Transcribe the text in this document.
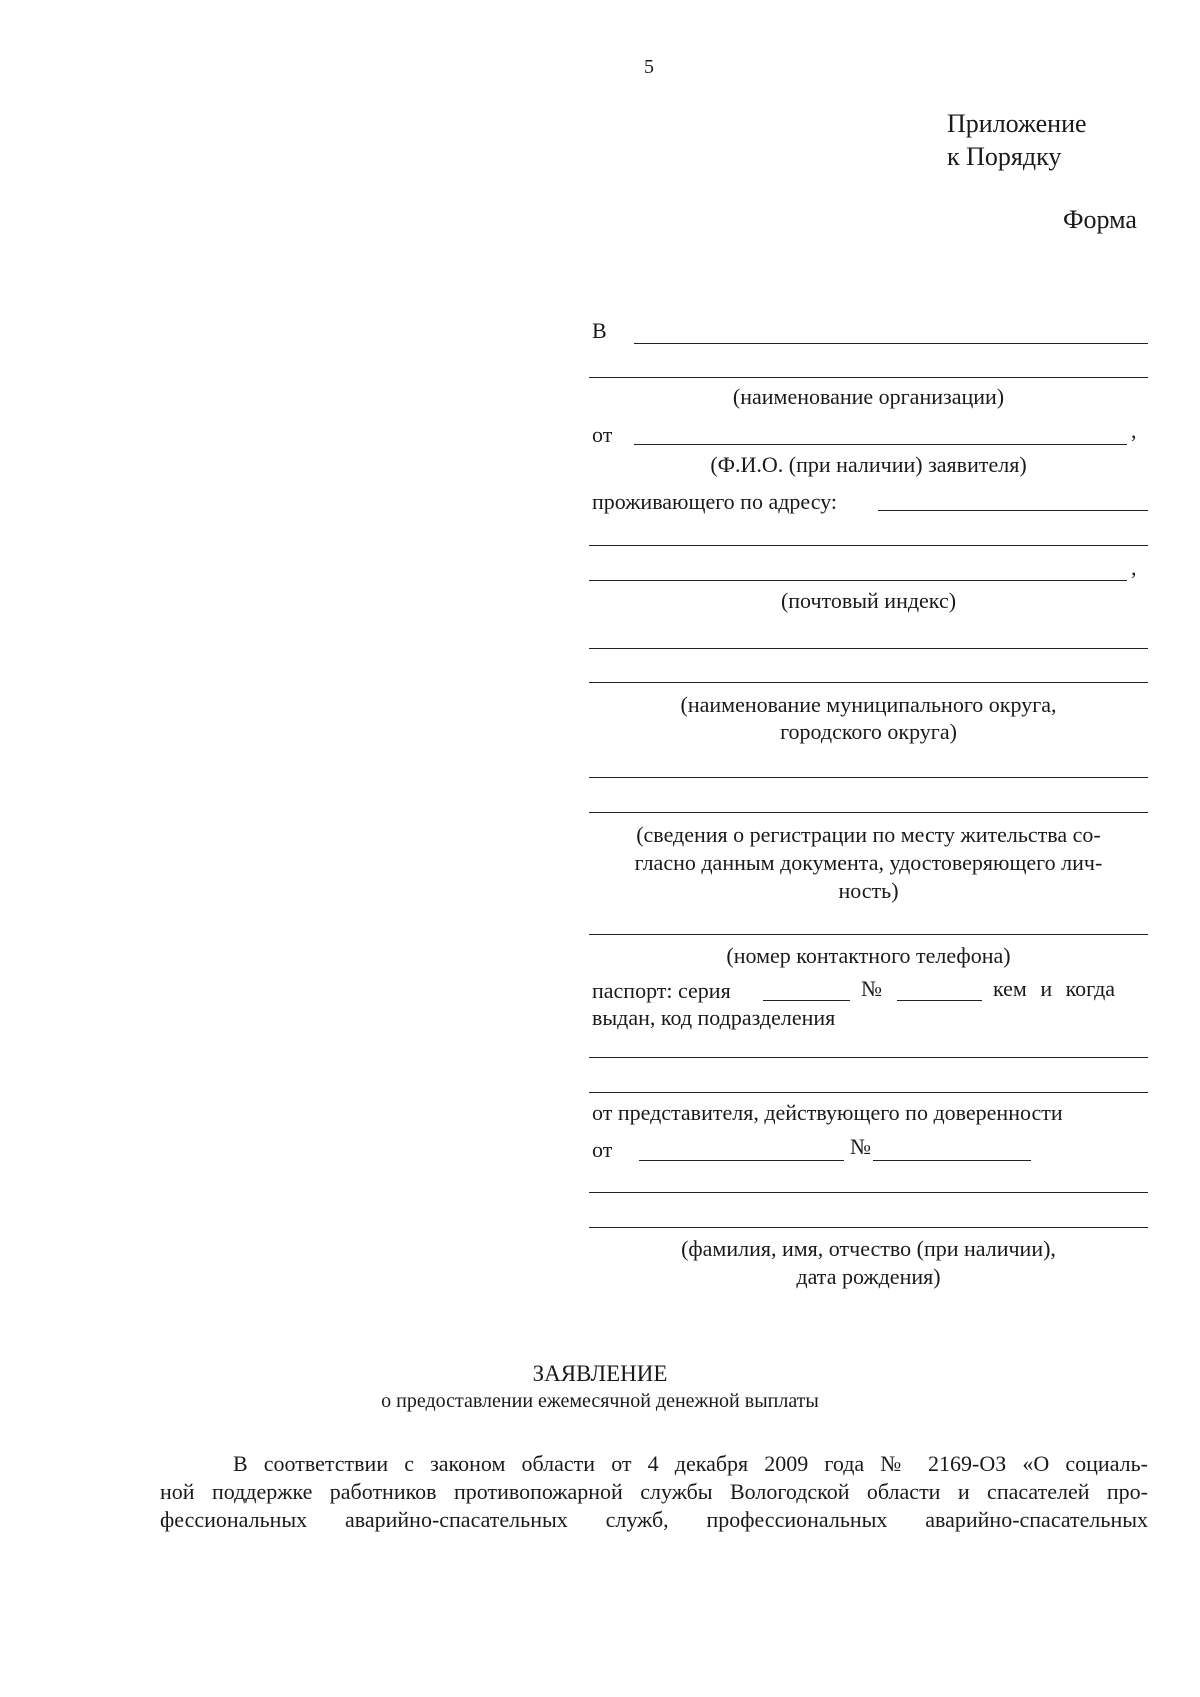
5
Приложение
к Порядку
Форма
В
(наименование организации)
от	,
(Ф.И.О. (при наличии) заявителя)
проживающего по адресу:
,
(почтовый индекс)
(наименование муниципального округа,
городского округа)
(сведения о регистрации по месту жительства со-
гласно данным документа, удостоверяющего лич-
ность)
(номер контактного телефона)
паспорт: серия	№	кем и когда
выдан, код подразделения
от представителя, действующего по доверенности
от	№
(фамилия, имя, отчество (при наличии),
дата рождения)
ЗАЯВЛЕНИЕ
о предоставлении ежемесячной денежной выплаты
В соответствии с законом области от 4 декабря 2009 года № 2169-ОЗ «О социаль-
ной поддержке работников противопожарной службы Вологодской области и спасателей про-
фессиональных аварийно-спасательных служб, профессиональных аварийно-спасательных
